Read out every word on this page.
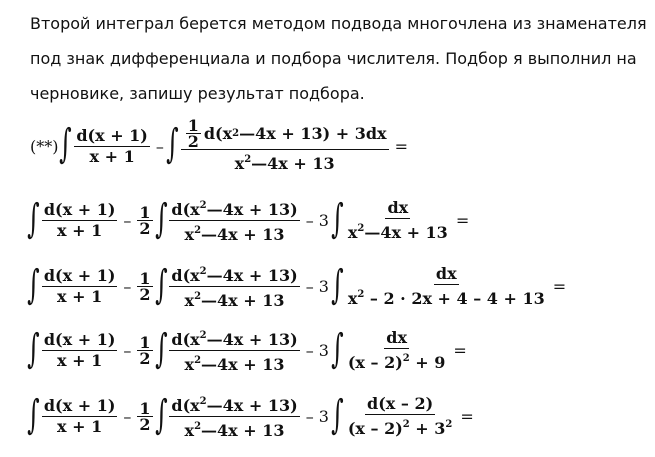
Второй интеграл берется методом подвода многочлена из знаменателя под знак дифференциала и подбора числителя. Подбор я выполнил на черновике, запишу результат подбора.

(**) ∫ $\frac{d(x + 1)}{x + 1}$ – ∫ $\frac{\frac{1}{2} d(x 2 —4x + 13) + 3dx}{x^2—4x + 13}$ =
∫ $\frac{d(x + 1)}{x + 1} - \frac{1}{2}$ ∫ $\frac{d(x^2—4x + 13)}{x^2—4x + 13} - 3$ ∫ $\frac{dx}{x^2—4x + 13}$ =
∫ $\frac{d(x + 1)}{x + 1} - \frac{1}{2}$ ∫ $\frac{d(x^2—4x + 13)}{x^2—4x + 13} - 3$ ∫ $\frac{dx}{x^2 - 2 \cdot 2x + 4 - 4 + 13}$ =
∫ $\frac{d(x + 1)}{x + 1} - \frac{1}{2}$ ∫ $\frac{d(x^2—4x + 13)}{x^2—4x + 13} - 3$ ∫ $\frac{dx}{(x - 2)^2 + 9}$ =
∫ $\frac{d(x + 1)}{x + 1} - \frac{1}{2}$ ∫ $\frac{d(x^2—4x + 13)}{x^2—4x + 13} - 3$ ∫ $\frac{d(x - 2)}{(x - 2)^2 + 3^2}$ =
